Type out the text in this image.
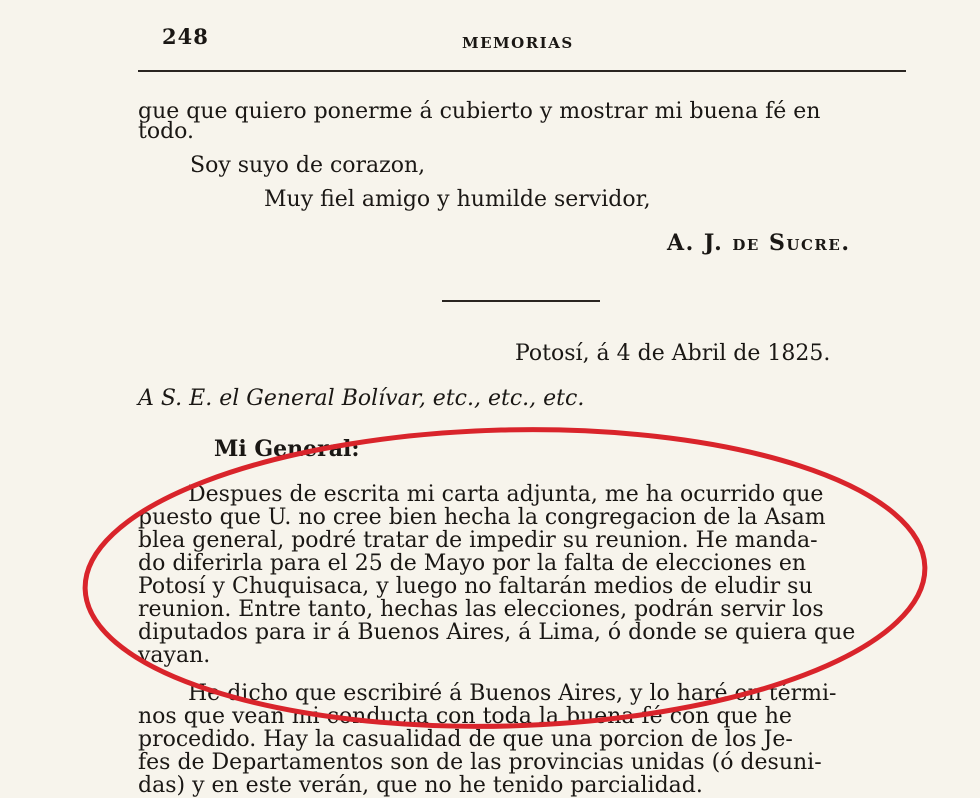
248	MEMORIAS
gue que quiero ponerme á cubierto y mostrar mi buena fé en
todo.
Soy suyo de corazon,
Muy fiel amigo y humilde servidor,
A. J. de Sucre.
Potosí, á 4 de Abril de 1825.
A S. E. el General Bolívar, etc., etc., etc.
Mi General:
Despues de escrita mi carta adjunta, me ha ocurrido que
puesto que U. no cree bien hecha la congregacion de la Asam
blea general, podré tratar de impedir su reunion. He manda-
do diferirla para el 25 de Mayo por la falta de elecciones en
Potosí y Chuquisaca, y luego no faltarán medios de eludir su
reunion. Entre tanto, hechas las elecciones, podrán servir los
diputados para ir á Buenos Aires, á Lima, ó donde se quiera que
vayan.
He dicho que escribiré á Buenos Aires, y lo haré en térmi-
nos que vean mi conducta con toda la buena fé con que he
procedido. Hay la casualidad de que una porcion de los Je-
fes de Departamentos son de las provincias unidas (ó desuni-
das) y en este verán, que no he tenido parcialidad.
